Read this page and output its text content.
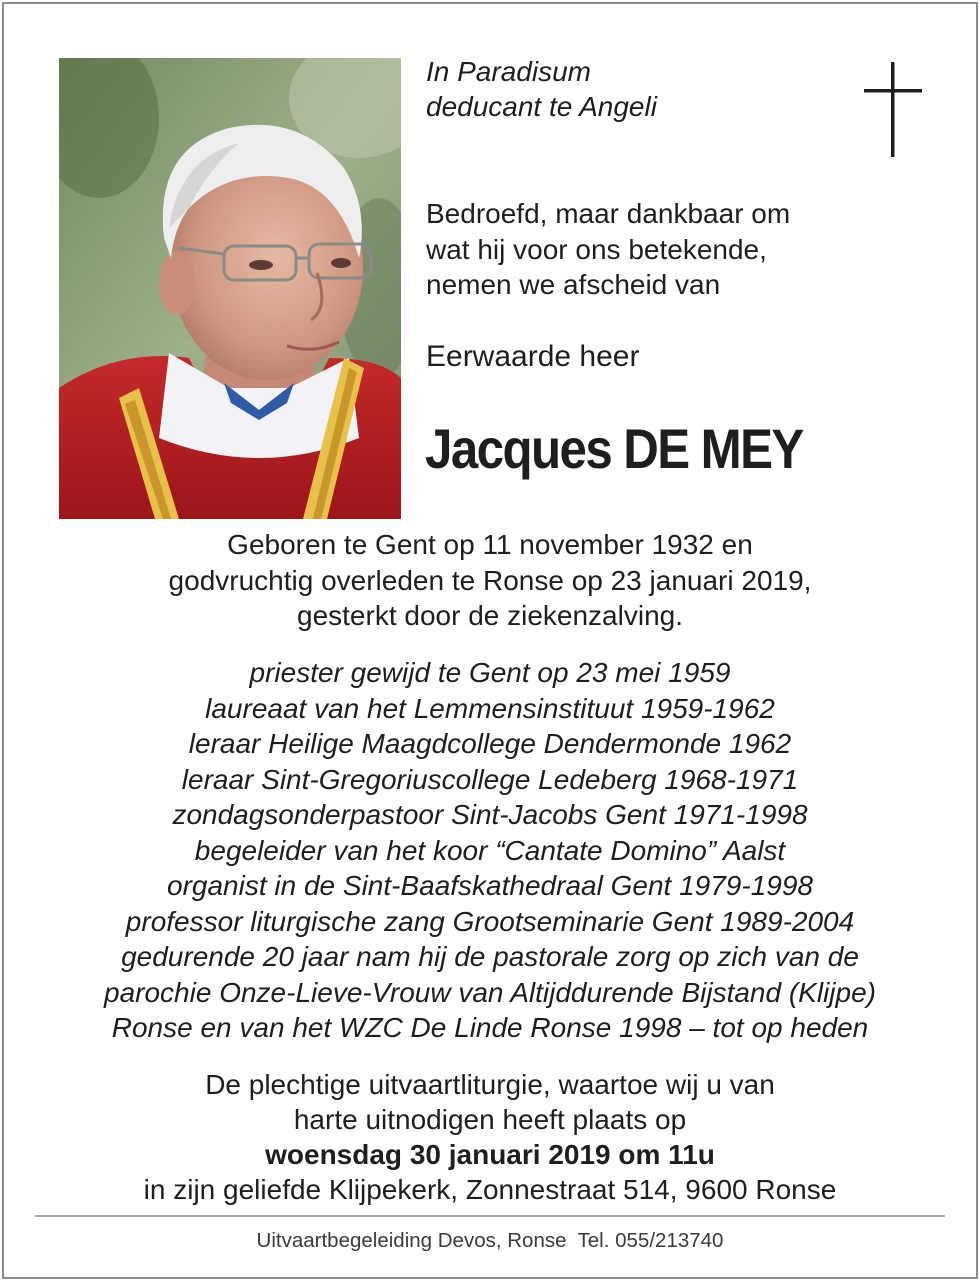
In Paradisum
deducant te Angeli
Bedroefd, maar dankbaar om
wat hij voor ons betekende,
nemen we afscheid van
Eerwaarde heer
Jacques DE MEY
Geboren te Gent op 11 november 1932 en
godvruchtig overleden te Ronse op 23 januari 2019,
gesterkt door de ziekenzalving.
priester gewijd te Gent op 23 mei 1959
laureaat van het Lemmensinstituut 1959-1962
leraar Heilige Maagdcollege Dendermonde 1962
leraar Sint-Gregoriuscollege Ledeberg 1968-1971
zondagsonderpastoor Sint-Jacobs Gent 1971-1998
begeleider van het koor “Cantate Domino” Aalst
organist in de Sint-Baafskathedraal Gent 1979-1998
professor liturgische zang Grootseminarie Gent 1989-2004
gedurende 20 jaar nam hij de pastorale zorg op zich van de
parochie Onze-Lieve-Vrouw van Altijddurende Bijstand (Klijpe)
Ronse en van het WZC De Linde Ronse 1998 – tot op heden
De plechtige uitvaartliturgie, waartoe wij u van
harte uitnodigen heeft plaats op
woensdag 30 januari 2019 om 11u
in zijn geliefde Klijpekerk, Zonnestraat 514, 9600 Ronse
Uitvaartbegeleiding Devos, Ronse  Tel. 055/213740
